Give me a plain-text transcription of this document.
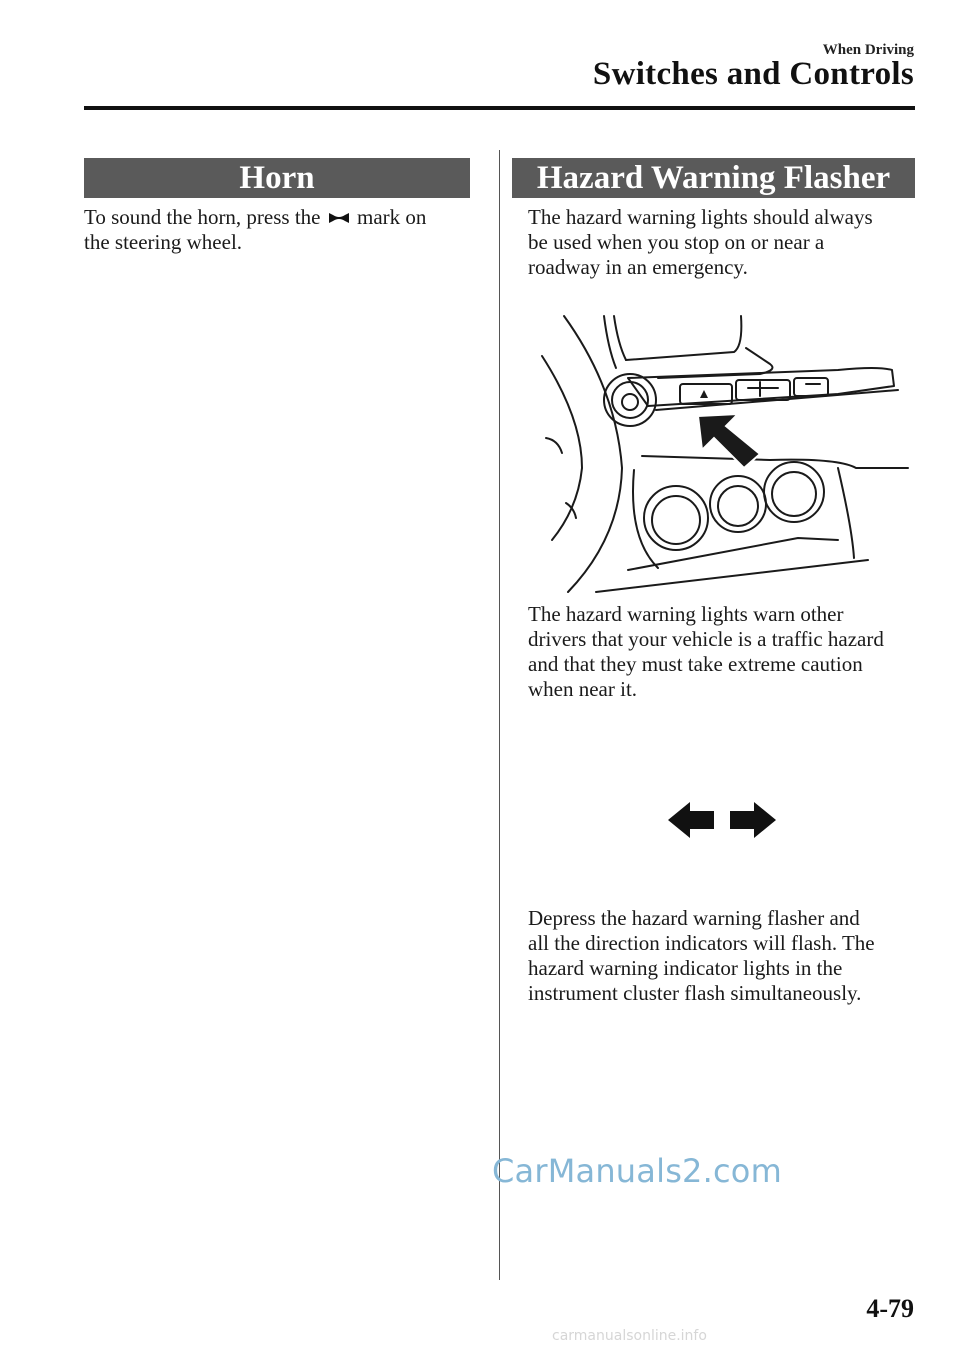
When Driving
Switches and Controls
Horn
To sound the horn, press the mark on
the steering wheel.
Hazard Warning Flasher
The hazard warning lights should always
be used when you stop on or near a
roadway in an emergency.
The hazard warning lights warn other
drivers that your vehicle is a traffic hazard
and that they must take extreme caution
when near it.
Depress the hazard warning flasher and
all the direction indicators will flash. The
hazard warning indicator lights in the
instrument cluster flash simultaneously.
CarManuals2.com
4-79
carmanualsonline.info
